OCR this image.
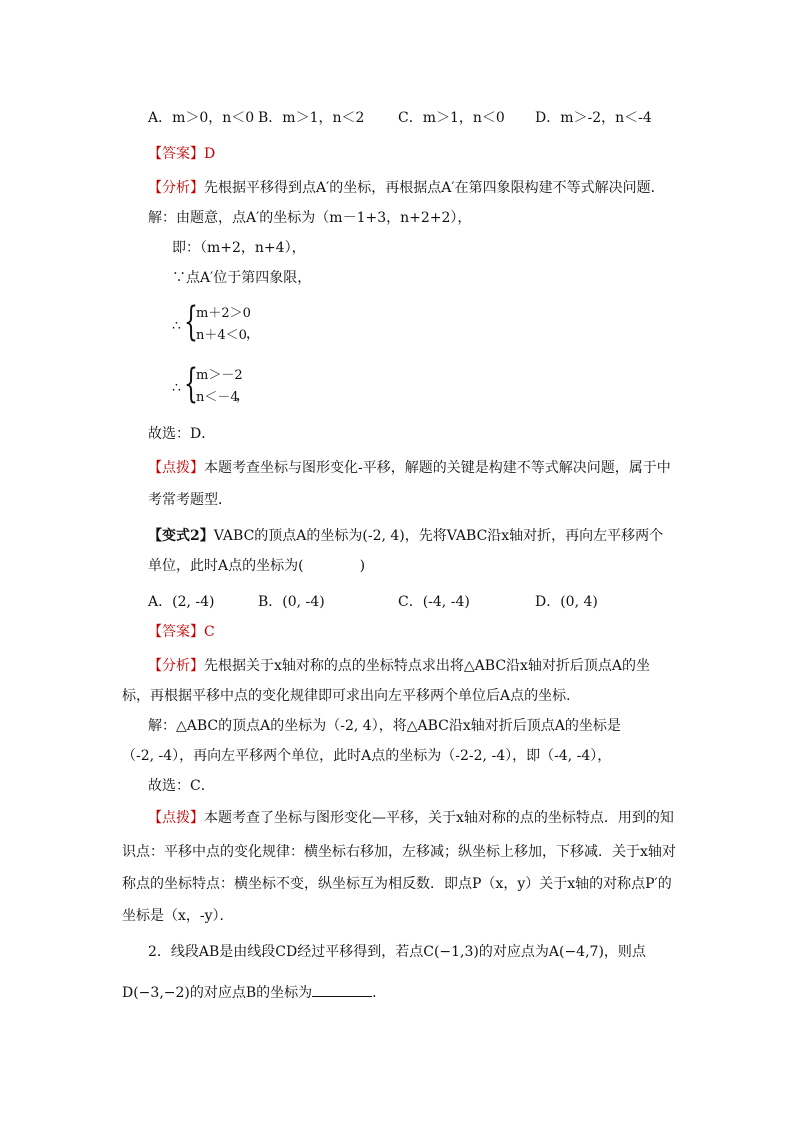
A．m＞0，n＜0 B．m＞1，n＜2 C．m＞1，n＜0 D．m＞-2，n＜-4
【答案】D
【分析】先根据平移得到点A′的坐标，再根据点A′在第四象限构建不等式解决问题．
解：由题意，点A′的坐标为（m－1+3，n+2+2），
即：（m+2，n+4），
∵点A′位于第四象限，
∴ {
m＋2＞0
n＋4＜0 ，
∴ {
m＞－2
n＜－4
，
故选：D．
【点拨】本题考查坐标与图形变化-平移，解题的关键是构建不等式解决问题，属于中
考常考题型．
【变式2】VABC的顶点A的坐标为(-2, 4)，先将VABC沿x轴对折，再向左平移两个
单位，此时A点的坐标为(　　　　)
A．(2, -4)	B．(0, -4)	C．(-4, -4)	D．(0, 4)
【答案】C
【分析】先根据关于x轴对称的点的坐标特点求出将△ABC沿x轴对折后顶点A的坐
标，再根据平移中点的变化规律即可求出向左平移两个单位后A点的坐标．
解：△ABC的顶点A的坐标为（-2, 4），将△ABC沿x轴对折后顶点A的坐标是
（-2, -4），再向左平移两个单位，此时A点的坐标为（-2-2, -4），即（-4, -4），
故选：C．
【点拨】本题考查了坐标与图形变化—平移，关于x轴对称的点的坐标特点．用到的知
识点：平移中点的变化规律：横坐标右移加，左移减；纵坐标上移加，下移减．关于x轴对
称点的坐标特点：横坐标不变，纵坐标互为相反数．即点P（x，y）关于x轴的对称点P′的
坐标是（x，-y）．
2．线段AB是由线段CD经过平移得到，若点C(−1,3)的对应点为A(−4,7)，则点
D(−3,−2)的对应点B的坐标为	．
